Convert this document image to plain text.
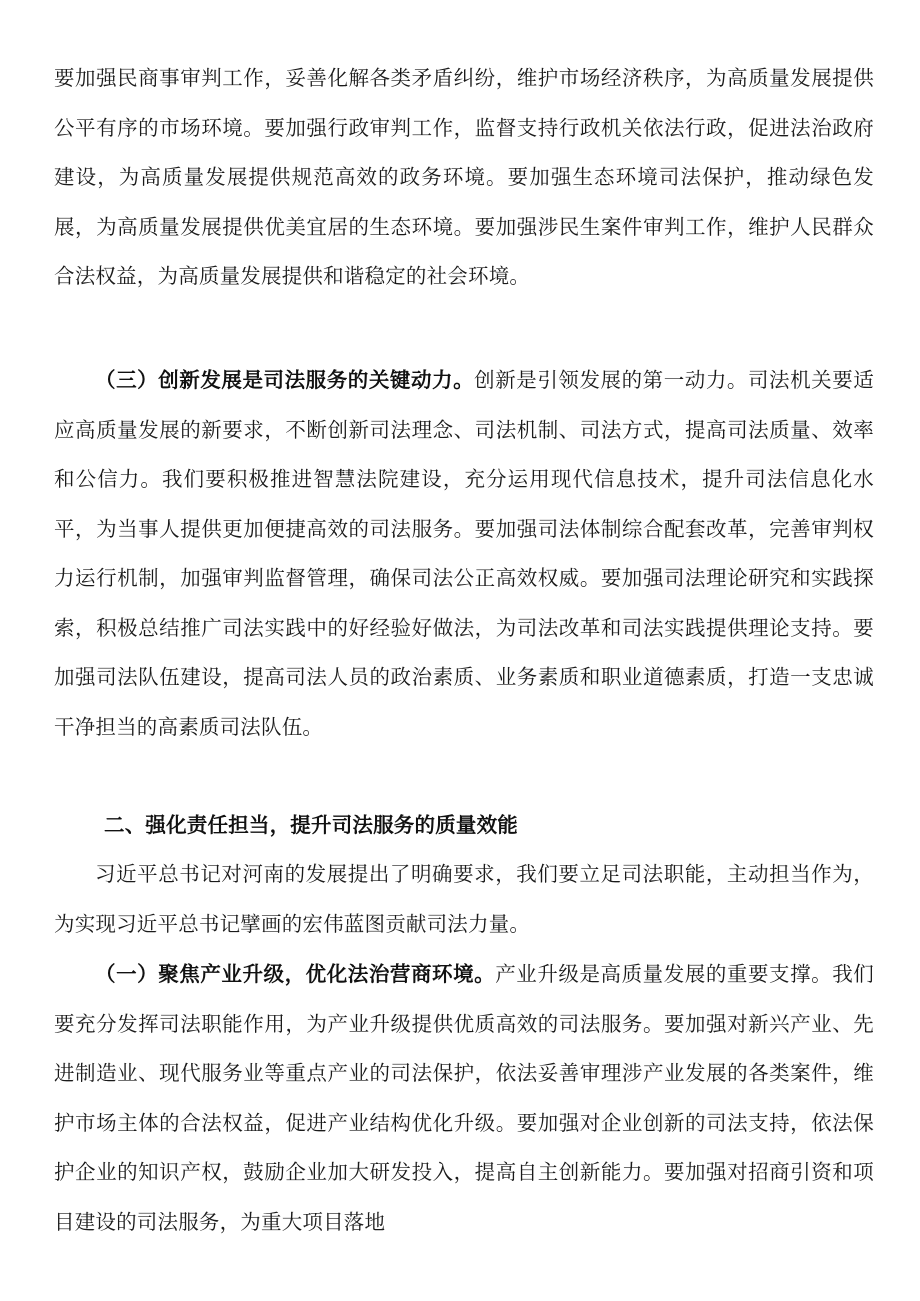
要加强民商事审判工作，妥善化解各类矛盾纠纷，维护市场经济秩序，为高质量发展提供公平有序的市场环境。要加强行政审判工作，监督支持行政机关依法行政，促进法治政府建设，为高质量发展提供规范高效的政务环境。要加强生态环境司法保护，推动绿色发展，为高质量发展提供优美宜居的生态环境。要加强涉民生案件审判工作，维护人民群众合法权益，为高质量发展提供和谐稳定的社会环境。

（三）创新发展是司法服务的关键动力。创新是引领发展的第一动力。司法机关要适应高质量发展的新要求，不断创新司法理念、司法机制、司法方式，提高司法质量、效率和公信力。我们要积极推进智慧法院建设，充分运用现代信息技术，提升司法信息化水平，为当事人提供更加便捷高效的司法服务。要加强司法体制综合配套改革，完善审判权力运行机制，加强审判监督管理，确保司法公正高效权威。要加强司法理论研究和实践探索，积极总结推广司法实践中的好经验好做法，为司法改革和司法实践提供理论支持。要加强司法队伍建设，提高司法人员的政治素质、业务素质和职业道德素质，打造一支忠诚干净担当的高素质司法队伍。

二、强化责任担当，提升司法服务的质量效能

习近平总书记对河南的发展提出了明确要求，我们要立足司法职能，主动担当作为，为实现习近平总书记擘画的宏伟蓝图贡献司法力量。

（一）聚焦产业升级，优化法治营商环境。产业升级是高质量发展的重要支撑。我们要充分发挥司法职能作用，为产业升级提供优质高效的司法服务。要加强对新兴产业、先进制造业、现代服务业等重点产业的司法保护，依法妥善审理涉产业发展的各类案件，维护市场主体的合法权益，促进产业结构优化升级。要加强对企业创新的司法支持，依法保护企业的知识产权，鼓励企业加大研发投入，提高自主创新能力。要加强对招商引资和项目建设的司法服务，为重大项目落地
